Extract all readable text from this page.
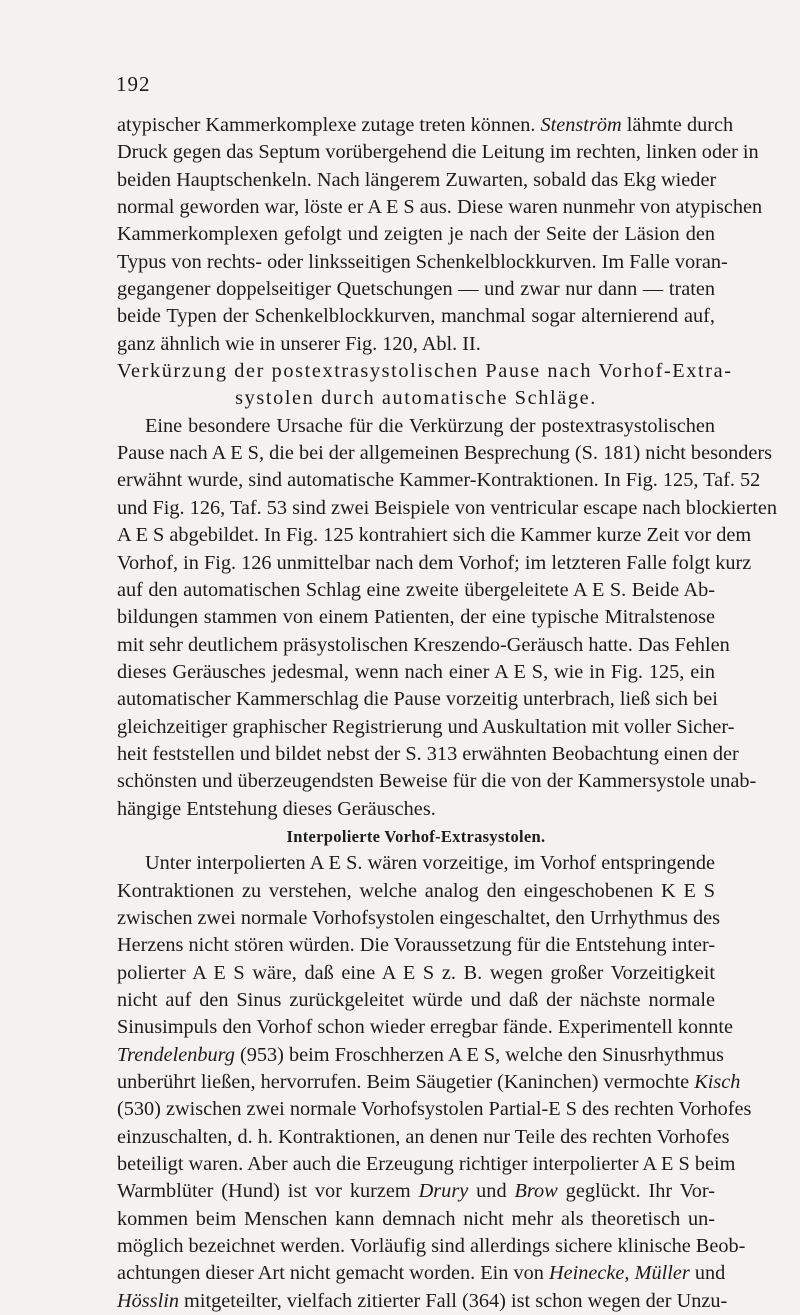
192
atypischer Kammerkomplexe zutage treten können. Stenström lähmte durch
Druck gegen das Septum vorübergehend die Leitung im rechten, linken oder in
beiden Hauptschenkeln. Nach längerem Zuwarten, sobald das Ekg wieder
normal geworden war, löste er A E S aus. Diese waren nunmehr von atypischen
Kammerkomplexen gefolgt und zeigten je nach der Seite der Läsion den
Typus von rechts- oder linksseitigen Schenkelblockkurven. Im Falle voran-
gegangener doppelseitiger Quetschungen — und zwar nur dann — traten
beide Typen der Schenkelblockkurven, manchmal sogar alternierend auf,
ganz ähnlich wie in unserer Fig. 120, Abl. II.
Verkürzung der postextrasystolischen Pause nach Vorhof-Extra-
systolen durch automatische Schläge.
Eine besondere Ursache für die Verkürzung der postextrasystolischen
Pause nach A E S, die bei der allgemeinen Besprechung (S. 181) nicht besonders
erwähnt wurde, sind automatische Kammer-Kontraktionen. In Fig. 125, Taf. 52
und Fig. 126, Taf. 53 sind zwei Beispiele von ventricular escape nach blockierten
A E S abgebildet. In Fig. 125 kontrahiert sich die Kammer kurze Zeit vor dem
Vorhof, in Fig. 126 unmittelbar nach dem Vorhof; im letzteren Falle folgt kurz
auf den automatischen Schlag eine zweite übergeleitete A E S. Beide Ab-
bildungen stammen von einem Patienten, der eine typische Mitralstenose
mit sehr deutlichem präsystolischen Kreszendo-Geräusch hatte. Das Fehlen
dieses Geräusches jedesmal, wenn nach einer A E S, wie in Fig. 125, ein
automatischer Kammerschlag die Pause vorzeitig unterbrach, ließ sich bei
gleichzeitiger graphischer Registrierung und Auskultation mit voller Sicher-
heit feststellen und bildet nebst der S. 313 erwähnten Beobachtung einen der
schönsten und überzeugendsten Beweise für die von der Kammersystole unab-
hängige Entstehung dieses Geräusches.
Interpolierte Vorhof-Extrasystolen.
Unter interpolierten A E S. wären vorzeitige, im Vorhof entspringende
Kontraktionen zu verstehen, welche analog den eingeschobenen K E S
zwischen zwei normale Vorhofsystolen eingeschaltet, den Urrhythmus des
Herzens nicht stören würden. Die Voraussetzung für die Entstehung inter-
polierter A E S wäre, daß eine A E S z. B. wegen großer Vorzeitigkeit
nicht auf den Sinus zurückgeleitet würde und daß der nächste normale
Sinusimpuls den Vorhof schon wieder erregbar fände. Experimentell konnte
Trendelenburg (953) beim Froschherzen A E S, welche den Sinusrhythmus
unberührt ließen, hervorrufen. Beim Säugetier (Kaninchen) vermochte Kisch
(530) zwischen zwei normale Vorhofsystolen Partial-E S des rechten Vorhofes
einzuschalten, d. h. Kontraktionen, an denen nur Teile des rechten Vorhofes
beteiligt waren. Aber auch die Erzeugung richtiger interpolierter A E S beim
Warmblüter (Hund) ist vor kurzem Drury und Brow geglückt. Ihr Vor-
kommen beim Menschen kann demnach nicht mehr als theoretisch un-
möglich bezeichnet werden. Vorläufig sind allerdings sichere klinische Beob-
achtungen dieser Art nicht gemacht worden. Ein von Heinecke, Müller und
Hösslin mitgeteilter, vielfach zitierter Fall (364) ist schon wegen der Unzu-
